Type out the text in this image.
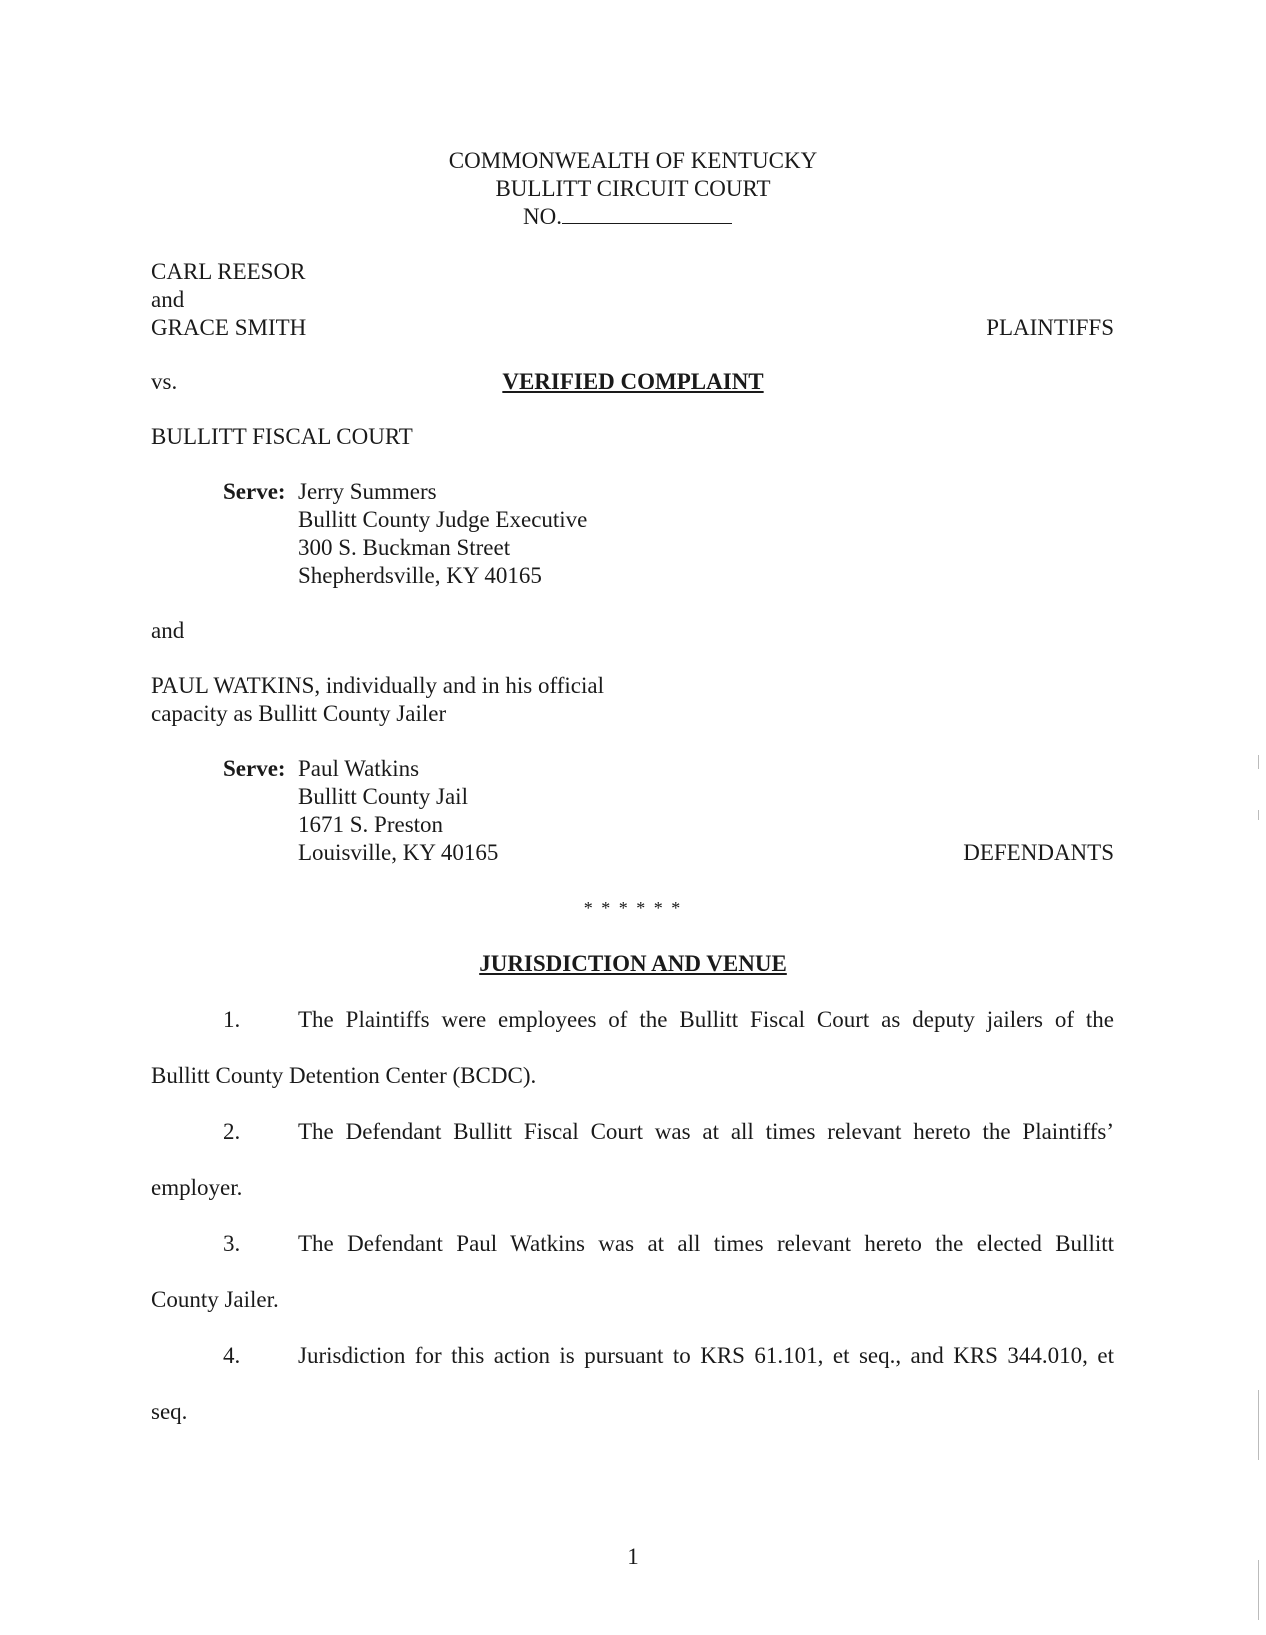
COMMONWEALTH OF KENTUCKY
BULLITT CIRCUIT COURT
NO.
CARL REESOR
and
GRACE SMITH	PLAINTIFFS
vs.	VERIFIED COMPLAINT
BULLITT FISCAL COURT
Serve: Jerry Summers
Bullitt County Judge Executive
300 S. Buckman Street
Shepherdsville, KY 40165
and
PAUL WATKINS, individually and in his official
capacity as Bullitt County Jailer
Serve: Paul Watkins
Bullitt County Jail
1671 S. Preston
Louisville, KY 40165	DEFENDANTS
* * * * * *
JURISDICTION AND VENUE
1.	The Plaintiffs were employees of the Bullitt Fiscal Court as deputy jailers of the
Bullitt County Detention Center (BCDC).
2.	The Defendant Bullitt Fiscal Court was at all times relevant hereto the Plaintiffs’
employer.
3.	The Defendant Paul Watkins was at all times relevant hereto the elected Bullitt
County Jailer.
4.	Jurisdiction for this action is pursuant to KRS 61.101, et seq., and KRS 344.010, et
seq.
1
